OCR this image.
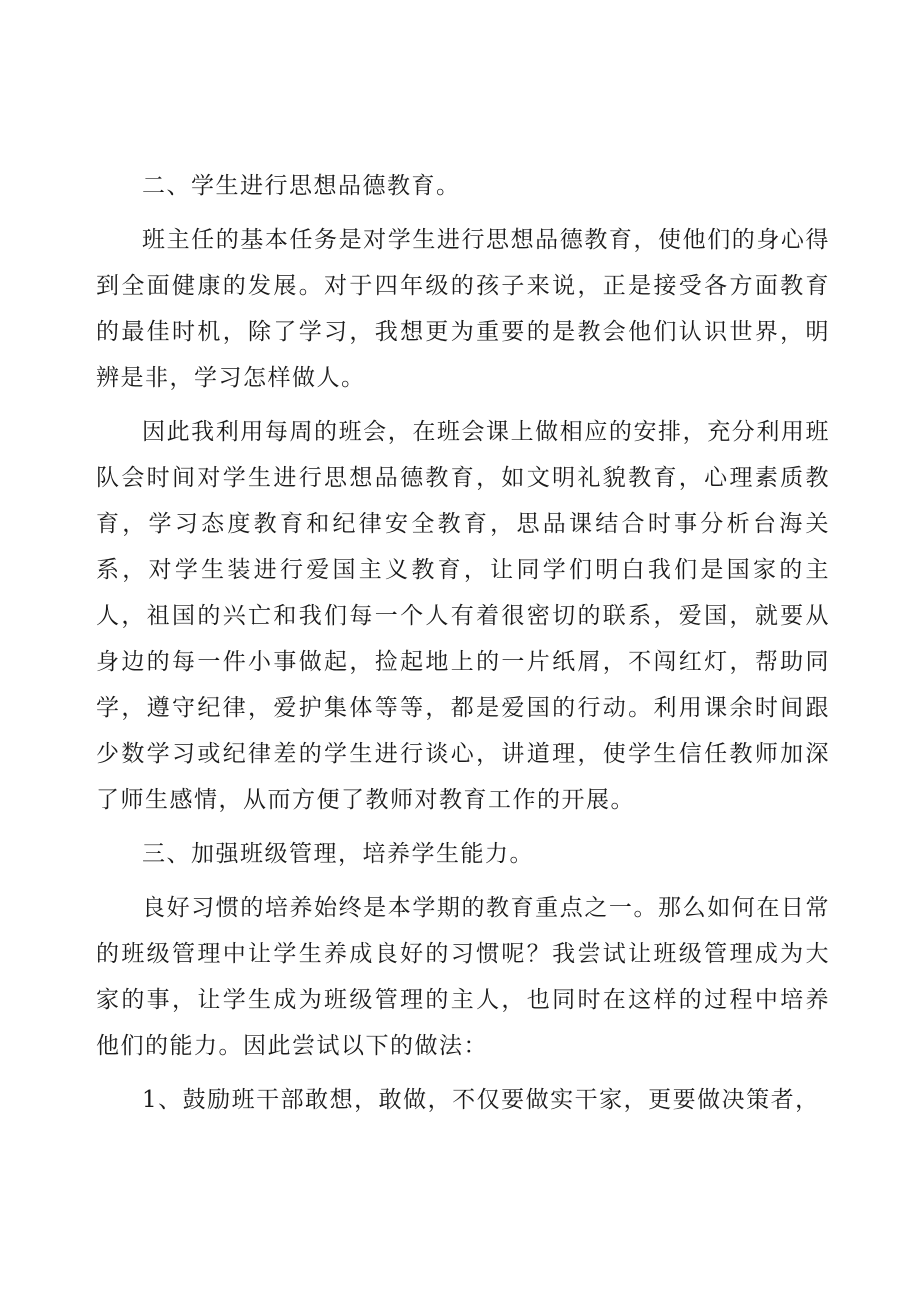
二、学生进行思想品德教育。

班主任的基本任务是对学生进行思想品德教育，使他们的身心得到全面健康的发展。对于四年级的孩子来说，正是接受各方面教育的最佳时机，除了学习，我想更为重要的是教会他们认识世界，明辨是非，学习怎样做人。

因此我利用每周的班会，在班会课上做相应的安排，充分利用班队会时间对学生进行思想品德教育，如文明礼貌教育，心理素质教育，学习态度教育和纪律安全教育，思品课结合时事分析台海关系，对学生装进行爱国主义教育，让同学们明白我们是国家的主人，祖国的兴亡和我们每一个人有着很密切的联系，爱国，就要从身边的每一件小事做起，捡起地上的一片纸屑，不闯红灯，帮助同学，遵守纪律，爱护集体等等，都是爱国的行动。利用课余时间跟少数学习或纪律差的学生进行谈心，讲道理，使学生信任教师加深了师生感情，从而方便了教师对教育工作的开展。

三、加强班级管理，培养学生能力。

良好习惯的培养始终是本学期的教育重点之一。那么如何在日常的班级管理中让学生养成良好的习惯呢？我尝试让班级管理成为大家的事，让学生成为班级管理的主人，也同时在这样的过程中培养他们的能力。因此尝试以下的做法：

1、鼓励班干部敢想，敢做，不仅要做实干家，更要做决策者，
